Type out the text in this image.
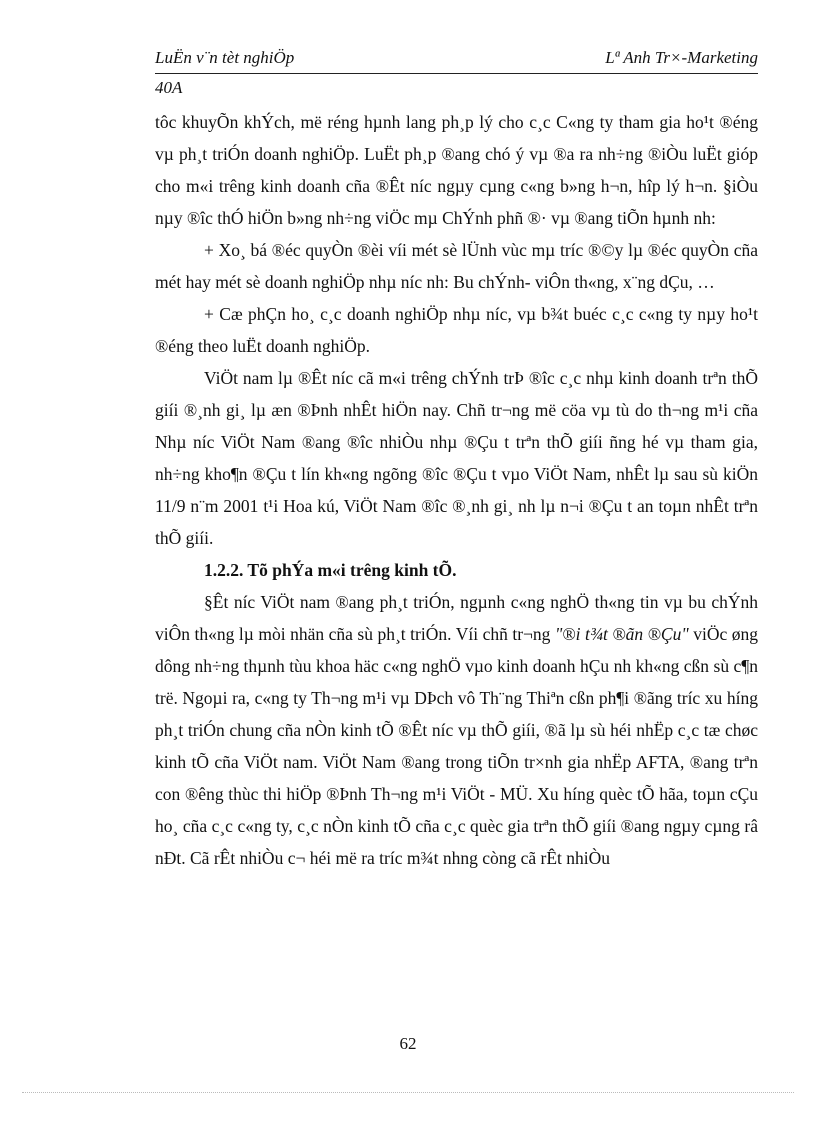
LuËn v¨n tèt nghiÖp	Lª Anh Tr×-Marketing
40A

tôc khuyÕn khÝch, më réng hµnh lang ph¸p lý cho c¸c C«ng ty tham gia ho¹t ®éng vµ ph¸t triÓn doanh nghiÖp. LuËt ph¸p ®ang chó ý vµ ®a ra nh÷ng ®iÒu luËt gióp cho m«i trêng kinh doanh cña ®Êt níc ngµy cµng c«ng b»ng h¬n, hîp lý h¬n. §iÒu nµy ®îc thÓ hiÖn b»ng nh÷ng viÖc mµ ChÝnh phñ ®· vµ ®ang tiÕn hµnh nh:

+ Xo¸ bá ®éc quyÒn ®èi víi mét sè lÜnh vùc mµ tríc ®©y lµ ®éc quyÒn cña mét hay mét sè doanh nghiÖp nhµ níc nh: Bu chÝnh- viÔn th«ng, x¨ng dÇu, …

+ Cæ phÇn ho¸ c¸c doanh nghiÖp nhµ níc, vµ b¾t buéc c¸c c«ng ty nµy ho¹t ®éng theo luËt doanh nghiÖp.

ViÖt nam lµ ®Êt níc cã m«i trêng chÝnh trÞ ®îc c¸c nhµ kinh doanh trªn thÕ giíi ®¸nh gi¸ lµ æn ®Þnh nhÊt hiÖn nay. Chñ tr¬ng më cöa vµ tù do th¬ng m¹i cña Nhµ níc ViÖt Nam ®ang ®îc nhiÒu nhµ ®Çu t trªn thÕ giíi ñng hé vµ tham gia, nh÷ng kho¶n ®Çu t lín kh«ng ngõng ®îc ®Çu t vµo ViÖt Nam, nhÊt lµ sau sù kiÖn 11/9 n¨m 2001 t¹i Hoa kú, ViÖt Nam ®îc ®¸nh gi¸ nh lµ n¬i ®Çu t an toµn nhÊt trªn thÕ giíi.

1.2.2. Tõ phÝa m«i trêng kinh tÕ.

§Êt níc ViÖt nam ®ang ph¸t triÓn, ngµnh c«ng nghÖ th«ng tin vµ bu chÝnh viÔn th«ng lµ mòi nhän cña sù ph¸t triÓn. Víi chñ tr¬ng "®i t¾t ®ãn ®Çu" viÖc øng dông nh÷ng thµnh tùu khoa häc c«ng nghÖ vµo kinh doanh hÇu nh kh«ng cßn sù c¶n trë. Ngoµi ra, c«ng ty Th¬ng m¹i vµ DÞch vô Th¨ng Thiªn cßn ph¶i ®ãng tríc xu híng ph¸t triÓn chung cña nÒn kinh tÕ ®Êt níc vµ thÕ giíi, ®ã lµ sù héi nhËp c¸c tæ chøc kinh tÕ cña ViÖt nam. ViÖt Nam ®ang trong tiÕn tr×nh gia nhËp AFTA, ®ang trªn con ®êng thùc thi hiÖp ®Þnh Th¬ng m¹i ViÖt - MÜ. Xu híng quèc tÕ hãa, toµn cÇu ho¸ cña c¸c c«ng ty, c¸c nÒn kinh tÕ cña c¸c quèc gia trªn thÕ giíi ®ang ngµy cµng râ nÐt. Cã rÊt nhiÒu c¬ héi më ra tríc m¾t nhng còng cã rÊt nhiÒu

62
